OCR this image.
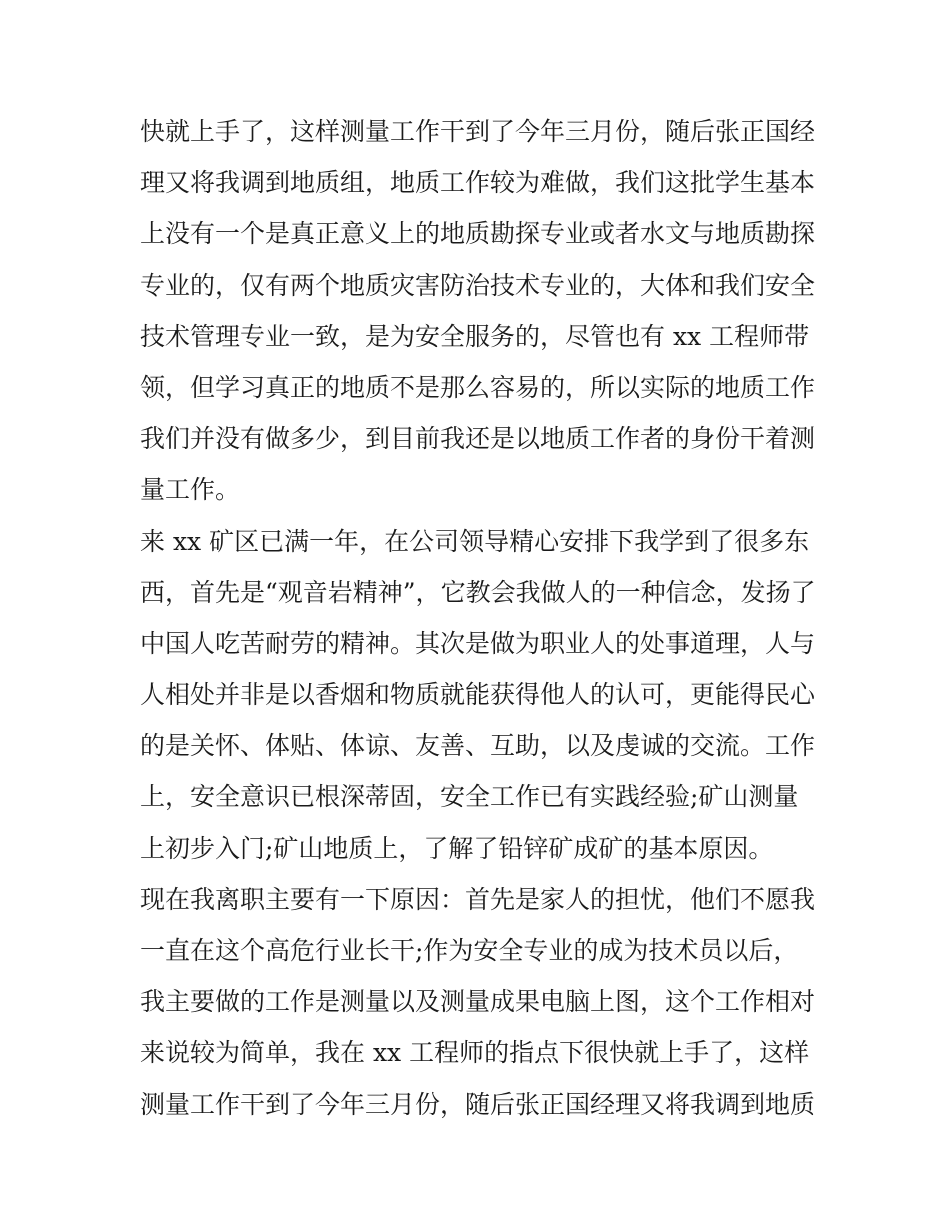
快就上手了，这样测量工作干到了今年三月份，随后张正国经
理又将我调到地质组，地质工作较为难做，我们这批学生基本
上没有一个是真正意义上的地质勘探专业或者水文与地质勘探
专业的，仅有两个地质灾害防治技术专业的，大体和我们安全
技术管理专业一致，是为安全服务的，尽管也有 xx 工程师带
领，但学习真正的地质不是那么容易的，所以实际的地质工作
我们并没有做多少，到目前我还是以地质工作者的身份干着测
量工作。
来 xx 矿区已满一年，在公司领导精心安排下我学到了很多东
西，首先是“观音岩精神”，它教会我做人的一种信念，发扬了
中国人吃苦耐劳的精神。其次是做为职业人的处事道理，人与
人相处并非是以香烟和物质就能获得他人的认可，更能得民心
的是关怀、体贴、体谅、友善、互助，以及虔诚的交流。工作
上，安全意识已根深蒂固，安全工作已有实践经验;矿山测量
上初步入门;矿山地质上，了解了铅锌矿成矿的基本原因。
现在我离职主要有一下原因：首先是家人的担忧，他们不愿我
一直在这个高危行业长干;作为安全专业的成为技术员以后，
我主要做的工作是测量以及测量成果电脑上图，这个工作相对
来说较为简单，我在 xx 工程师的指点下很快就上手了，这样
测量工作干到了今年三月份，随后张正国经理又将我调到地质
